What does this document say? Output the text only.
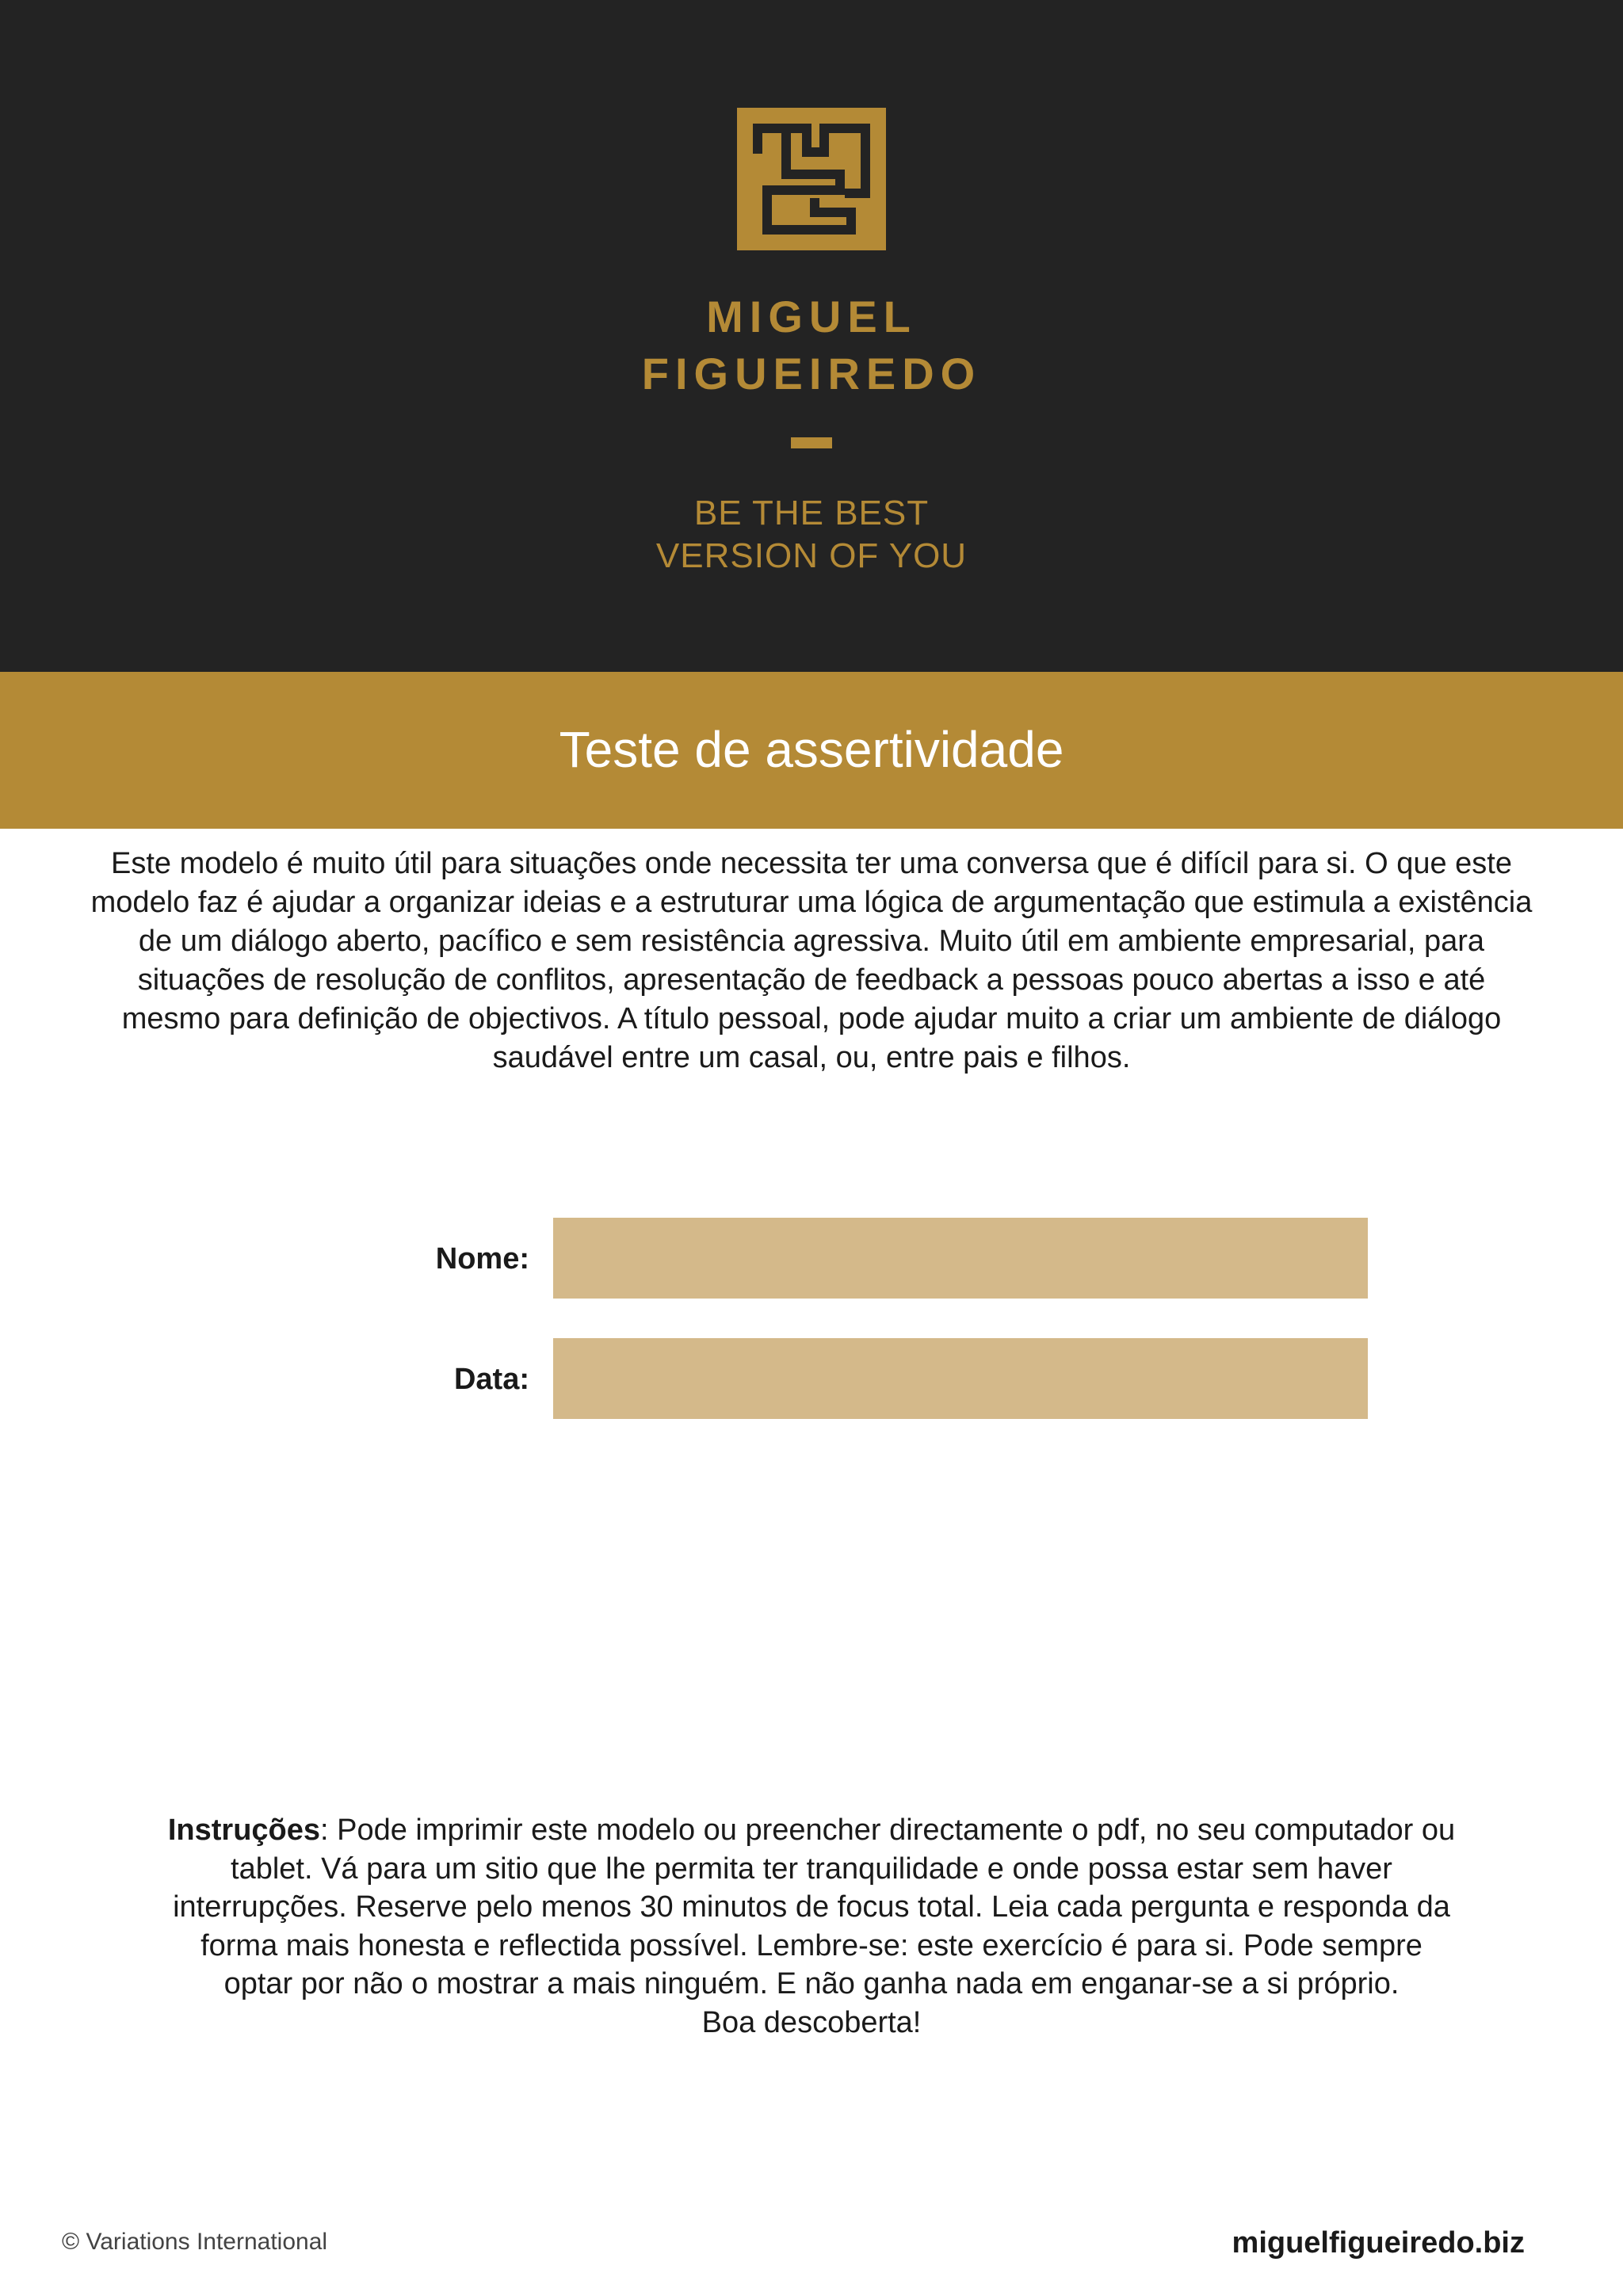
MIGUEL
FIGUEIREDO
BE THE BEST
VERSION OF YOU
Teste de assertividade

Este modelo é muito útil para situações onde necessita ter uma conversa que é difícil para si. O que este modelo faz é ajudar a organizar ideias e a estruturar uma lógica de argumentação que estimula a existência de um diálogo aberto, pacífico e sem resistência agressiva. Muito útil em ambiente empresarial, para situações de resolução de conflitos, apresentação de feedback a pessoas pouco abertas a isso e até mesmo para definição de objectivos. A título pessoal, pode ajudar muito a criar um ambiente de diálogo saudável entre um casal, ou, entre pais e filhos.

Nome:
Data:
Instruções: Pode imprimir este modelo ou preencher directamente o pdf, no seu computador ou tablet. Vá para um sitio que lhe permita ter tranquilidade e onde possa estar sem haver interrupções. Reserve pelo menos 30 minutos de focus total. Leia cada pergunta e responda da forma mais honesta e reflectida possível. Lembre-se: este exercício é para si. Pode sempre optar por não o mostrar a mais ninguém. E não ganha nada em enganar-se a si próprio.
Boa descoberta!
© Variations International	miguelfigueiredo.biz
